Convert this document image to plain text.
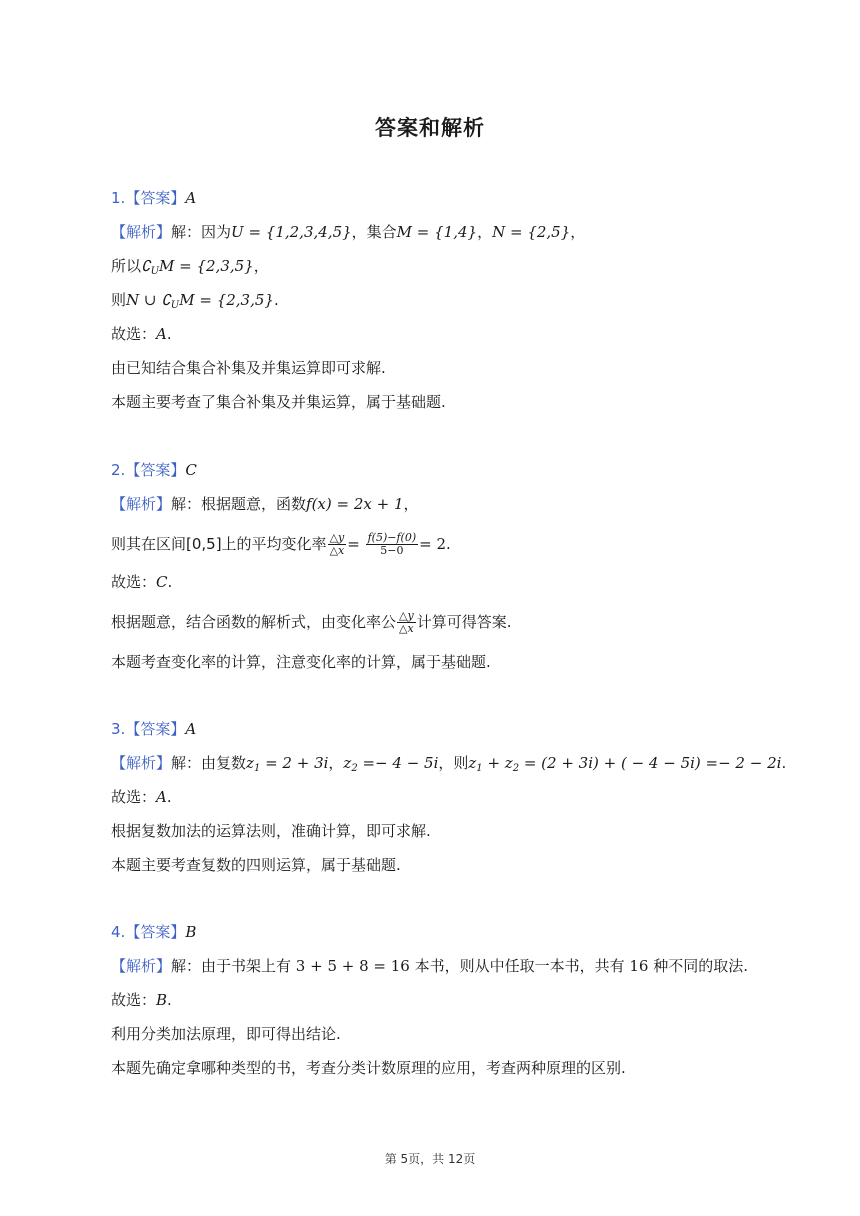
答案和解析
1.【答案】A
【解析】解：因为U = {1,2,3,4,5}，集合M = {1,4}，N = {2,5}，
所以$∁_UM = \{2,3,5\}$，
则N ∪ $∁_UM = \{2,3,5\}$.
故选：A.
由已知结合集合补集及并集运算即可求解.
本题主要考查了集合补集及并集运算，属于基础题.
2.【答案】C
【解析】解：根据题意，函数f(x) = 2x + 1，
则其在区间[0,5]上的平均变化率 $\frac{\triangle y}{\triangle x} = \frac{f(5)-f(0)}{5-0} = 2$.
故选：C.
根据题意，结合函数的解析式，由变化率公 $\frac{\triangle y}{\triangle x}$ 计算可得答案.
本题考查变化率的计算，注意变化率的计算，属于基础题.
3.【答案】A
【解析】解：由复数$z_1 = 2 + 3i$，$z_2 =- 4 - 5i$，则$z_1 + z_2 = (2 + 3i)$ + ( − 4 − 5i) =− 2 − 2i.
故选：A.
根据复数加法的运算法则，准确计算，即可求解.
本题主要考查复数的四则运算，属于基础题.
4.【答案】B
【解析】解：由于书架上有 3 + 5 + 8 = 16 本书，则从中任取一本书，共有 16 种不同的取法.
故选：B.
利用分类加法原理，即可得出结论.
本题先确定拿哪种类型的书，考查分类计数原理的应用，考查两种原理的区别.
第 5页，共 12页
